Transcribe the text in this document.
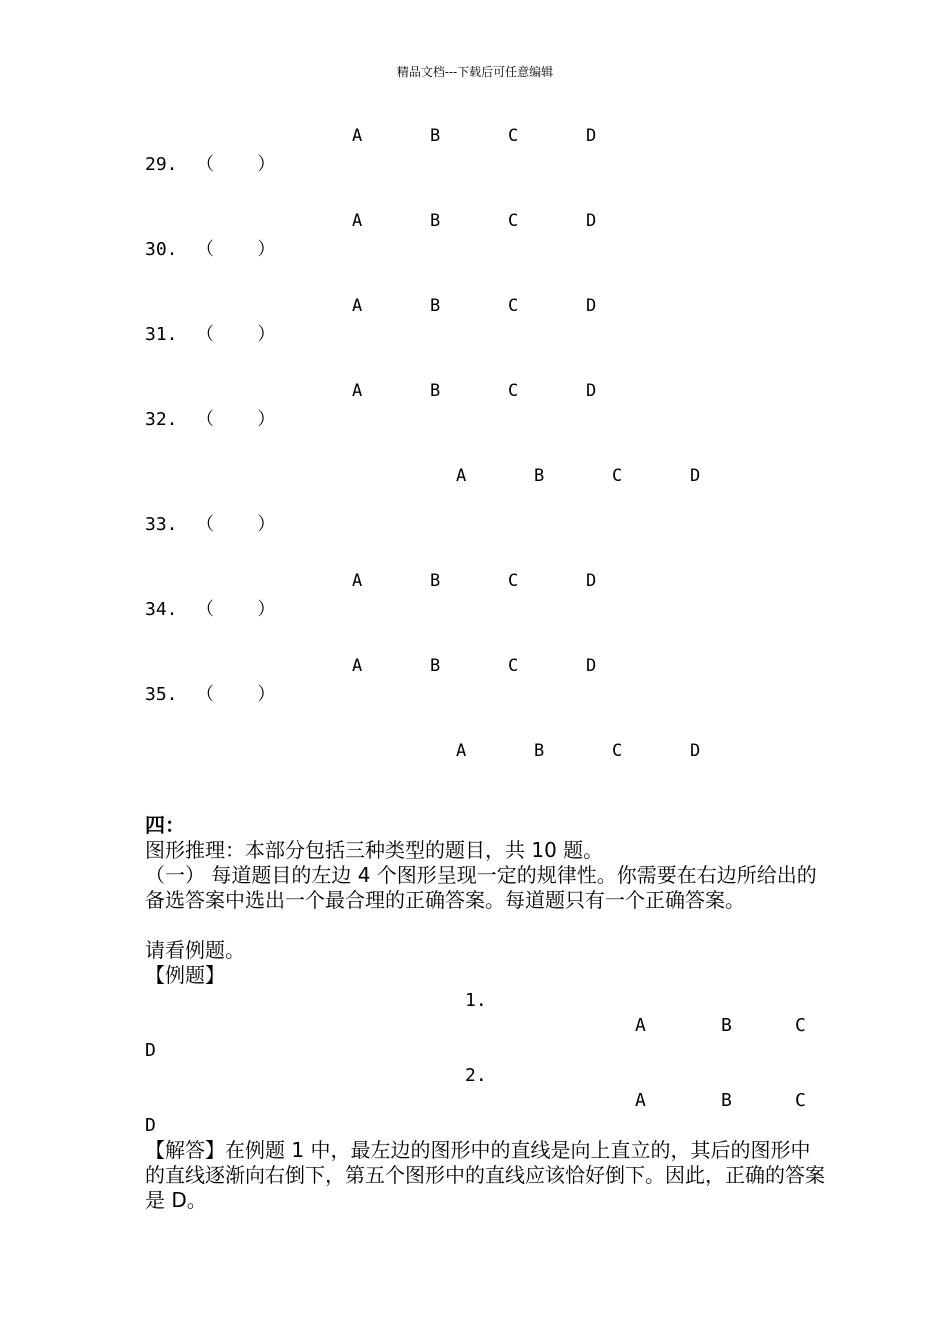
精品文档---下载后可任意编辑
A	B	C	D
29. （    ）
A	B	C	D
30. （    ）
A	B	C	D
31. （    ）
A	B	C	D
32. （    ）
A	B	C	D
33. （    ）
A	B	C	D
34. （    ）
A	B	C	D
35. （    ）
A	B	C	D
四：
图形推理：本部分包括三种类型的题目，共 10 题。
（一） 每道题目的左边 4 个图形呈现一定的规律性。你需要在右边所给出的备选答案中选出一个最合理的正确答案。每道题只有一个正确答案。
请看例题。
【例题】
1.
A	B	C
D
2.
A	B	C
D
【解答】在例题 1 中，最左边的图形中的直线是向上直立的，其后的图形中的直线逐渐向右倒下，第五个图形中的直线应该恰好倒下。因此，正确的答案是 D。
